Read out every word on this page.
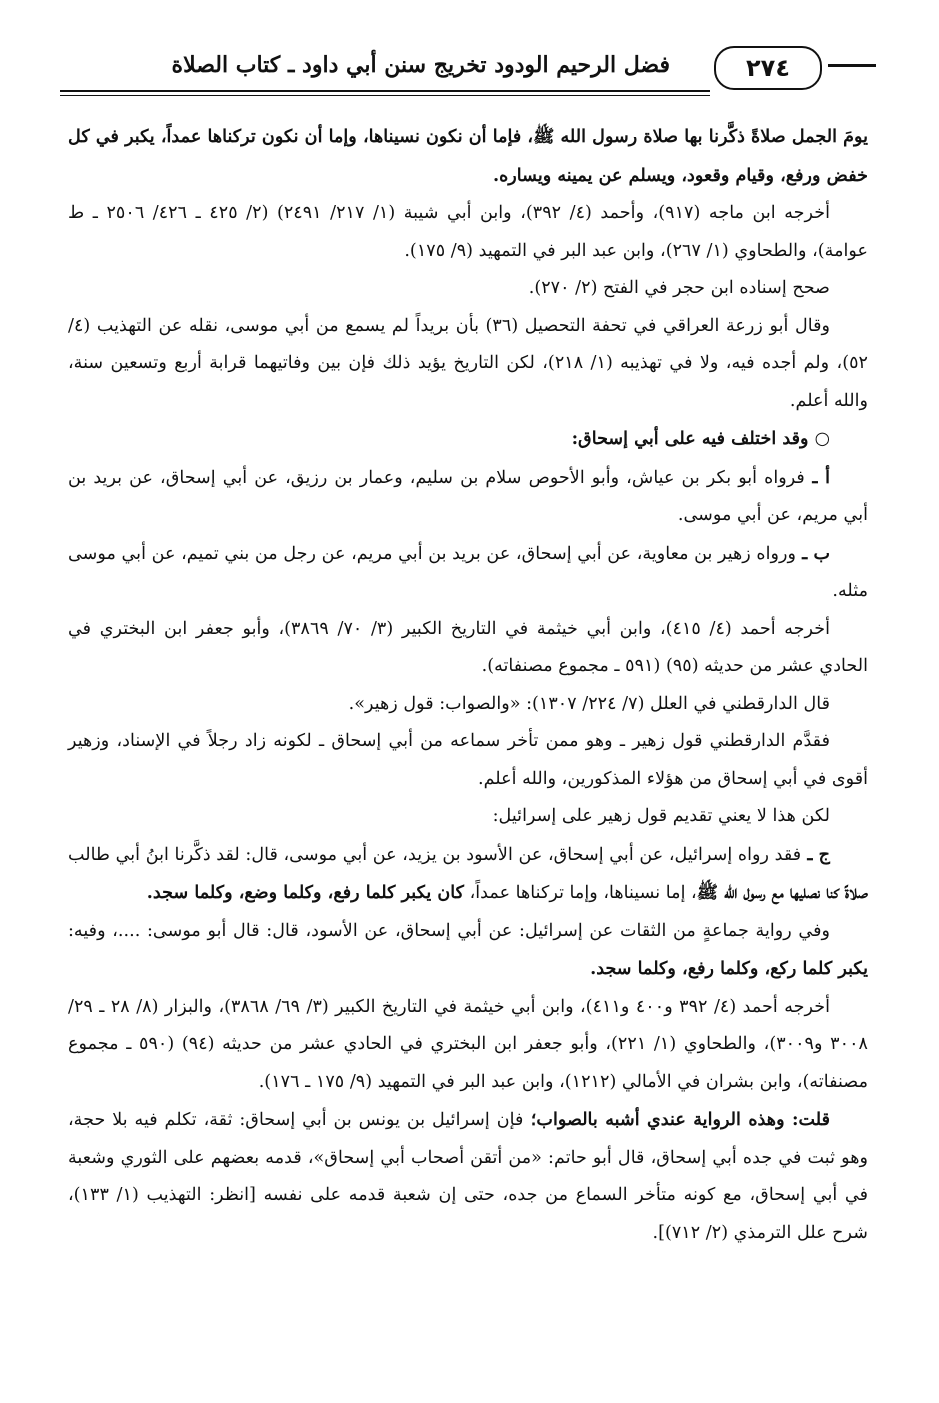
فضل الرحيم الودود تخريج سنن أبي داود ـ كتاب الصلاة	٢٧٤

يومَ الجمل صلاةً ذكَّرنا بها صلاة رسول الله ﷺ، فإما أن نكون نسيناها، وإما أن نكون تركناها عمداً، يكبر في كل خفض ورفع، وقيام وقعود، ويسلم عن يمينه ويساره.

أخرجه ابن ماجه (٩١٧)، وأحمد (٤/ ٣٩٢)، وابن أبي شيبة (١/ ٢١٧/ ٢٤٩١) (٢/ ٤٢٥ ـ ٤٢٦/ ٢٥٠٦ ـ ط عوامة)، والطحاوي (١/ ٢٦٧)، وابن عبد البر في التمهيد (٩/ ١٧٥).

صحح إسناده ابن حجر في الفتح (٢/ ٢٧٠).

وقال أبو زرعة العراقي في تحفة التحصيل (٣٦) بأن بريداً لم يسمع من أبي موسى، نقله عن التهذيب (٤/ ٥٢)، ولم أجده فيه، ولا في تهذيبه (١/ ٢١٨)، لكن التاريخ يؤيد ذلك فإن بين وفاتيهما قرابة أربع وتسعين سنة، والله أعلم.

○ وقد اختلف فيه على أبي إسحاق:

أ ـ فرواه أبو بكر بن عياش، وأبو الأحوص سلام بن سليم، وعمار بن رزيق، عن أبي إسحاق، عن بريد بن أبي مريم، عن أبي موسى.

ب ـ ورواه زهير بن معاوية، عن أبي إسحاق، عن بريد بن أبي مريم، عن رجل من بني تميم، عن أبي موسى مثله.

أخرجه أحمد (٤/ ٤١٥)، وابن أبي خيثمة في التاريخ الكبير (٣/ ٧٠/ ٣٨٦٩)، وأبو جعفر ابن البختري في الحادي عشر من حديثه (٩٥) (٥٩١ ـ مجموع مصنفاته).

قال الدارقطني في العلل (٧/ ٢٢٤/ ١٣٠٧): «والصواب: قول زهير».

فقدَّم الدارقطني قول زهير ـ وهو ممن تأخر سماعه من أبي إسحاق ـ لكونه زاد رجلاً في الإسناد، وزهير أقوى في أبي إسحاق من هؤلاء المذكورين، والله أعلم.

لكن هذا لا يعني تقديم قول زهير على إسرائيل:

ج ـ فقد رواه إسرائيل، عن أبي إسحاق، عن الأسود بن يزيد، عن أبي موسى، قال: لقد ذكَّرنا ابنُ أبي طالب صلاةً كنا نصليها مع رسول الله ﷺ، إما نسيناها، وإما تركناها عمداً، كان يكبر كلما رفع، وكلما وضع، وكلما سجد.

وفي رواية جماعةٍ من الثقات عن إسرائيل: عن أبي إسحاق، عن الأسود، قال: قال أبو موسى: ....، وفيه: يكبر كلما ركع، وكلما رفع، وكلما سجد.

أخرجه أحمد (٤/ ٣٩٢ و٤٠٠ و٤١١)، وابن أبي خيثمة في التاريخ الكبير (٣/ ٦٩/ ٣٨٦٨)، والبزار (٨/ ٢٨ ـ ٢٩/ ٣٠٠٨ و٣٠٠٩)، والطحاوي (١/ ٢٢١)، وأبو جعفر ابن البختري في الحادي عشر من حديثه (٩٤) (٥٩٠ ـ مجموع مصنفاته)، وابن بشران في الأمالي (١٢١٢)، وابن عبد البر في التمهيد (٩/ ١٧٥ ـ ١٧٦).

قلت: وهذه الرواية عندي أشبه بالصواب؛ فإن إسرائيل بن يونس بن أبي إسحاق: ثقة، تكلم فيه بلا حجة، وهو ثبت في جده أبي إسحاق، قال أبو حاتم: «من أتقن أصحاب أبي إسحاق»، قدمه بعضهم على الثوري وشعبة في أبي إسحاق، مع كونه متأخر السماع من جده، حتى إن شعبة قدمه على نفسه [انظر: التهذيب (١/ ١٣٣)، شرح علل الترمذي (٢/ ٧١٢)].
